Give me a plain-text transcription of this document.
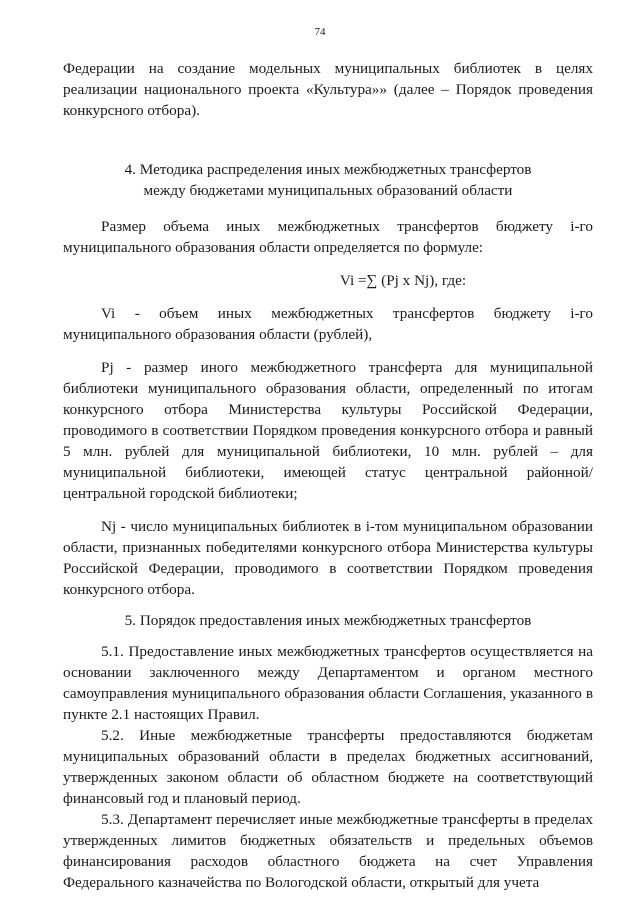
74

Федерации на создание модельных муниципальных библиотек в целях реализации национального проекта «Культура»» (далее – Порядок проведения конкурсного отбора).

4. Методика распределения иных межбюджетных трансфертов

между бюджетами муниципальных образований области

Размер объема иных межбюджетных трансфертов бюджету i-го муниципального образования области определяется по формуле:

Vi =∑ (Pj x Nj), где:

Vi - объем иных межбюджетных трансфертов бюджету i-го муниципального образования области (рублей),

Pj - размер иного межбюджетного трансферта для муниципальной библиотеки муниципального образования области, определенный по итогам конкурсного отбора Министерства культуры Российской Федерации, проводимого в соответствии Порядком проведения конкурсного отбора и равный 5 млн. рублей для муниципальной библиотеки, 10 млн. рублей – для муниципальной библиотеки, имеющей статус центральной районной/центральной городской библиотеки;

Nj - число муниципальных библиотек в i-том муниципальном образовании области, признанных победителями конкурсного отбора Министерства культуры Российской Федерации, проводимого в соответствии Порядком проведения конкурсного отбора.

5. Порядок предоставления иных межбюджетных трансфертов

5.1. Предоставление иных межбюджетных трансфертов осуществляется на основании заключенного между Департаментом и органом местного самоуправления муниципального образования области Соглашения, указанного в пункте 2.1 настоящих Правил.

5.2. Иные межбюджетные трансферты предоставляются бюджетам муниципальных образований области в пределах бюджетных ассигнований, утвержденных законом области об областном бюджете на соответствующий финансовый год и плановый период.

5.3. Департамент перечисляет иные межбюджетные трансферты в пределах утвержденных лимитов бюджетных обязательств и предельных объемов финансирования расходов областного бюджета на счет Управления Федерального казначейства по Вологодской области, открытый для учета
